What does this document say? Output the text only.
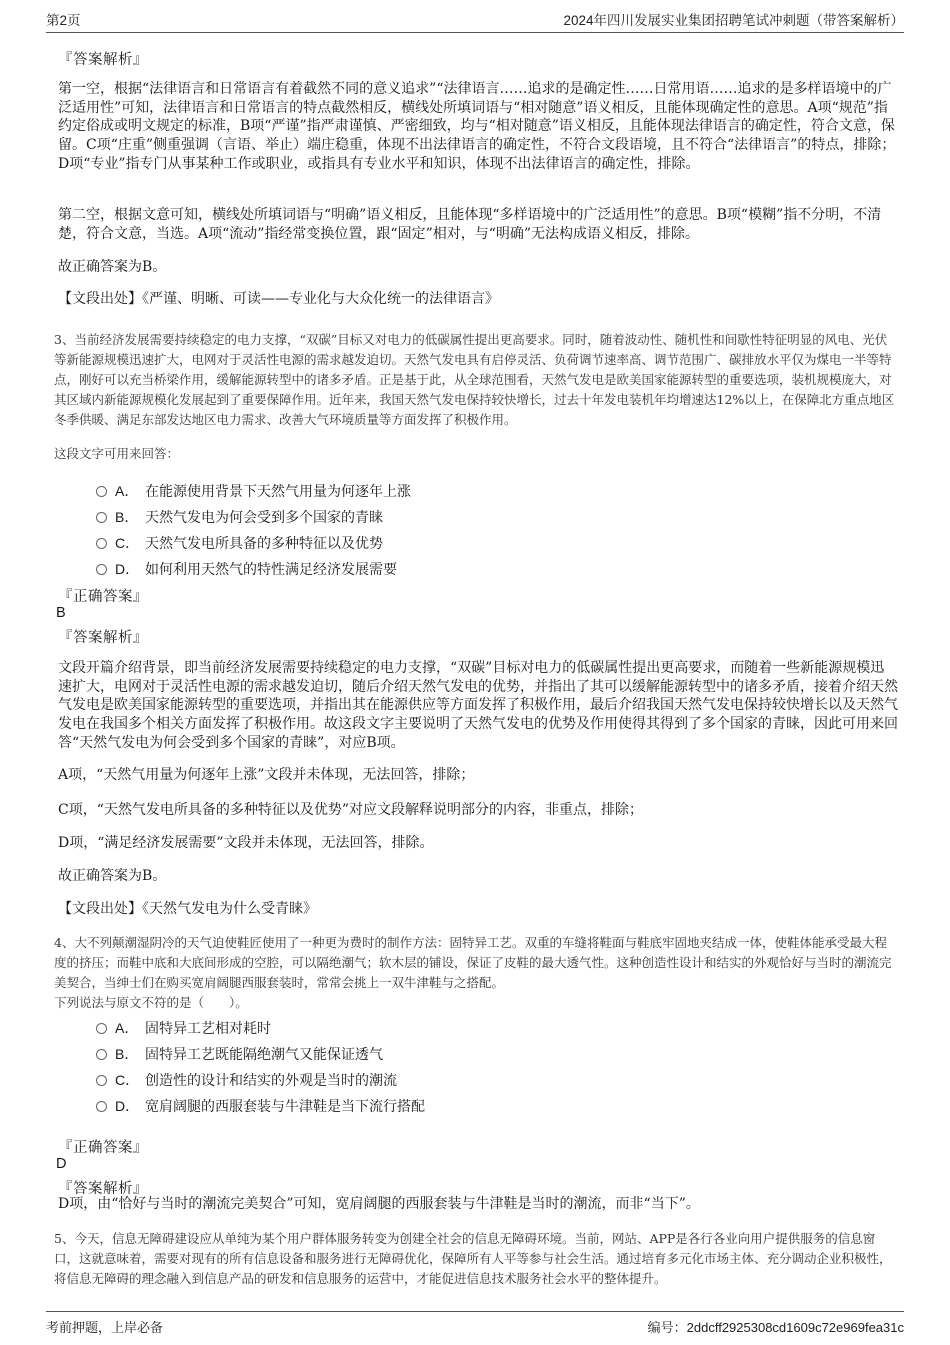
第2页	2024年四川发展实业集团招聘笔试冲刺题（带答案解析）
『答案解析』

第一空，根据“法律语言和日常语言有着截然不同的意义追求”“法律语言……追求的是确定性……日常用语……追求的是多样语境中的广泛适用性”可知，法律语言和日常语言的特点截然相反，横线处所填词语与“相对随意”语义相反，且能体现确定性的意思。A项“规范”指约定俗成或明文规定的标准，B项“严谨”指严肃谨慎、严密细致，均与“相对随意”语义相反，且能体现法律语言的确定性，符合文意，保留。C项“庄重”侧重强调（言语、举止）端庄稳重，体现不出法律语言的确定性，不符合文段语境，且不符合“法律语言”的特点，排除；D项“专业”指专门从事某种工作或职业，或指具有专业水平和知识，体现不出法律语言的确定性，排除。

第二空，根据文意可知，横线处所填词语与“明确”语义相反，且能体现“多样语境中的广泛适用性”的意思。B项“模糊”指不分明，不清楚，符合文意，当选。A项“流动”指经常变换位置，跟“固定”相对，与“明确”无法构成语义相反，排除。

故正确答案为B。

【文段出处】《严谨、明晰、可读——专业化与大众化统一的法律语言》

3、当前经济发展需要持续稳定的电力支撑，“双碳”目标又对电力的低碳属性提出更高要求。同时，随着波动性、随机性和间歇性特征明显的风电、光伏等新能源规模迅速扩大，电网对于灵活性电源的需求越发迫切。天然气发电具有启停灵活、负荷调节速率高、调节范围广、碳排放水平仅为煤电一半等特点，刚好可以充当桥梁作用，缓解能源转型中的诸多矛盾。正是基于此，从全球范围看，天然气发电是欧美国家能源转型的重要选项，装机规模庞大，对其区域内新能源规模化发展起到了重要保障作用。近年来，我国天然气发电保持较快增长，过去十年发电装机年均增速达12%以上，在保障北方重点地区冬季供暖、满足东部发达地区电力需求、改善大气环境质量等方面发挥了积极作用。

这段文字可用来回答：

A． 在能源使用背景下天然气用量为何逐年上涨
B． 天然气发电为何会受到多个国家的青睐
C． 天然气发电所具备的多种特征以及优势
D． 如何利用天然气的特性满足经济发展需要
『正确答案』
B
『答案解析』

文段开篇介绍背景，即当前经济发展需要持续稳定的电力支撑，“双碳”目标对电力的低碳属性提出更高要求，而随着一些新能源规模迅速扩大，电网对于灵活性电源的需求越发迫切，随后介绍天然气发电的优势，并指出了其可以缓解能源转型中的诸多矛盾，接着介绍天然气发电是欧美国家能源转型的重要选项，并指出其在能源供应等方面发挥了积极作用，最后介绍我国天然气发电保持较快增长以及天然气发电在我国多个相关方面发挥了积极作用。故这段文字主要说明了天然气发电的优势及作用使得其得到了多个国家的青睐，因此可用来回答“天然气发电为何会受到多个国家的青睐”，对应B项。

A项，“天然气用量为何逐年上涨”文段并未体现，无法回答，排除；

C项，“天然气发电所具备的多种特征以及优势”对应文段解释说明部分的内容，非重点，排除；

D项，“满足经济发展需要”文段并未体现，无法回答，排除。

故正确答案为B。

【文段出处】《天然气发电为什么受青睐》

4、大不列颠潮湿阴冷的天气迫使鞋匠使用了一种更为费时的制作方法：固特异工艺。双重的车缝将鞋面与鞋底牢固地夹结成一体，使鞋体能承受最大程度的挤压；而鞋中底和大底间形成的空腔，可以隔绝潮气；软木层的铺设，保证了皮鞋的最大透气性。这种创造性设计和结实的外观恰好与当时的潮流完美契合，当绅士们在购买宽肩阔腿西服套装时，常常会挑上一双牛津鞋与之搭配。

下列说法与原文不符的是（　　）。

A． 固特异工艺相对耗时
B． 固特异工艺既能隔绝潮气又能保证透气
C． 创造性的设计和结实的外观是当时的潮流
D． 宽肩阔腿的西服套装与牛津鞋是当下流行搭配
『正确答案』
D
『答案解析』

D项，由“恰好与当时的潮流完美契合”可知，宽肩阔腿的西服套装与牛津鞋是当时的潮流，而非“当下”。

5、今天，信息无障碍建设应从单纯为某个用户群体服务转变为创建全社会的信息无障碍环境。当前，网站、APP是各行各业向用户提供服务的信息窗口，这就意味着，需要对现有的所有信息设备和服务进行无障碍优化，保障所有人平等参与社会生活。通过培育多元化市场主体、充分调动企业积极性，将信息无障碍的理念融入到信息产品的研发和信息服务的运营中，才能促进信息技术服务社会水平的整体提升。

考前押题，上岸必备	编号：2ddcff2925308cd1609c72e969fea31c
